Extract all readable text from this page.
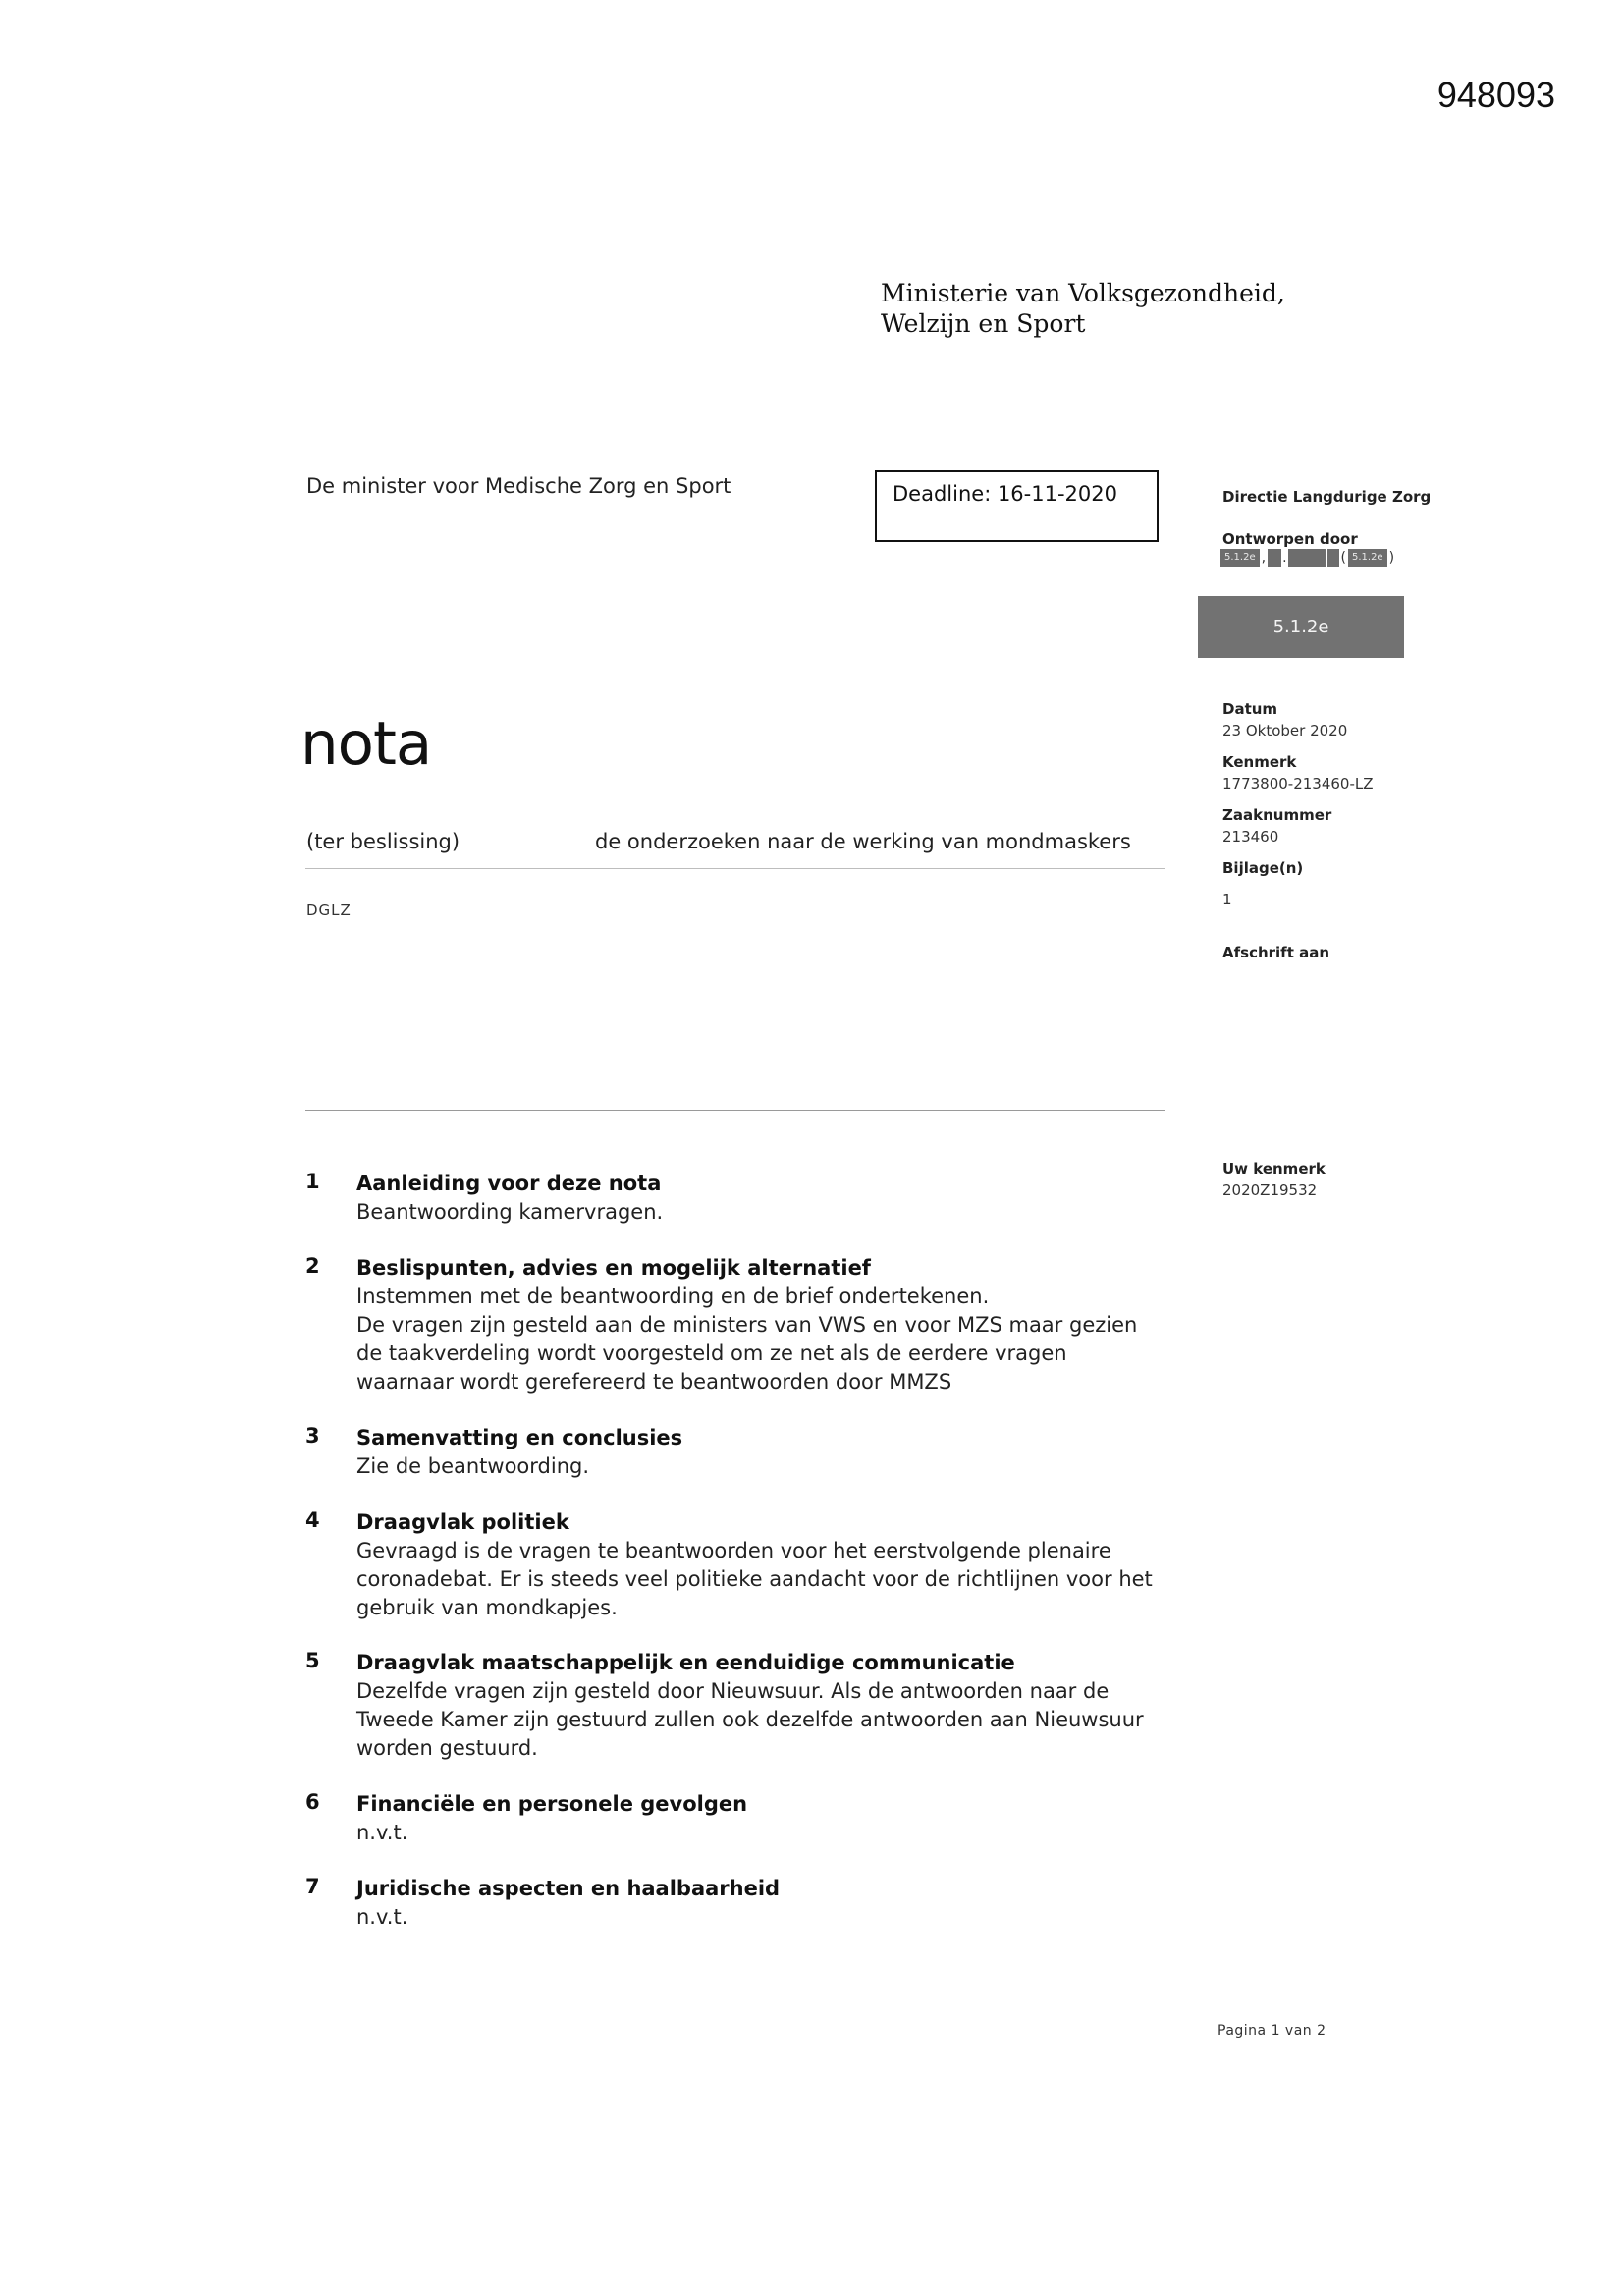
948093
Ministerie van Volksgezondheid,
Welzijn en Sport
De minister voor Medische Zorg en Sport	Deadline: 16-11-2020
nota
(ter beslissing)	de onderzoeken naar de werking van mondmaskers
DGLZ
Directie Langdurige Zorg
Ontworpen door
5.1.2e , .	( 5.1.2e )
5.1.2e
Datum
23 Oktober 2020
Kenmerk
1773800-213460-LZ
Zaaknummer
213460
Bijlage(n)
1
Afschrift aan
Uw kenmerk
2020Z19532
1 Aanleiding voor deze nota
Beantwoording kamervragen.
2 Beslispunten, advies en mogelijk alternatief
Instemmen met de beantwoording en de brief ondertekenen.
De vragen zijn gesteld aan de ministers van VWS en voor MZS maar gezien
de taakverdeling wordt voorgesteld om ze net als de eerdere vragen
waarnaar wordt gerefereerd te beantwoorden door MMZS
3 Samenvatting en conclusies
Zie de beantwoording.
4 Draagvlak politiek
Gevraagd is de vragen te beantwoorden voor het eerstvolgende plenaire
coronadebat. Er is steeds veel politieke aandacht voor de richtlijnen voor het
gebruik van mondkapjes.
5 Draagvlak maatschappelijk en eenduidige communicatie
Dezelfde vragen zijn gesteld door Nieuwsuur. Als de antwoorden naar de
Tweede Kamer zijn gestuurd zullen ook dezelfde antwoorden aan Nieuwsuur
worden gestuurd.
6 Financiële en personele gevolgen
n.v.t.
7 Juridische aspecten en haalbaarheid
n.v.t.
Pagina 1 van 2
